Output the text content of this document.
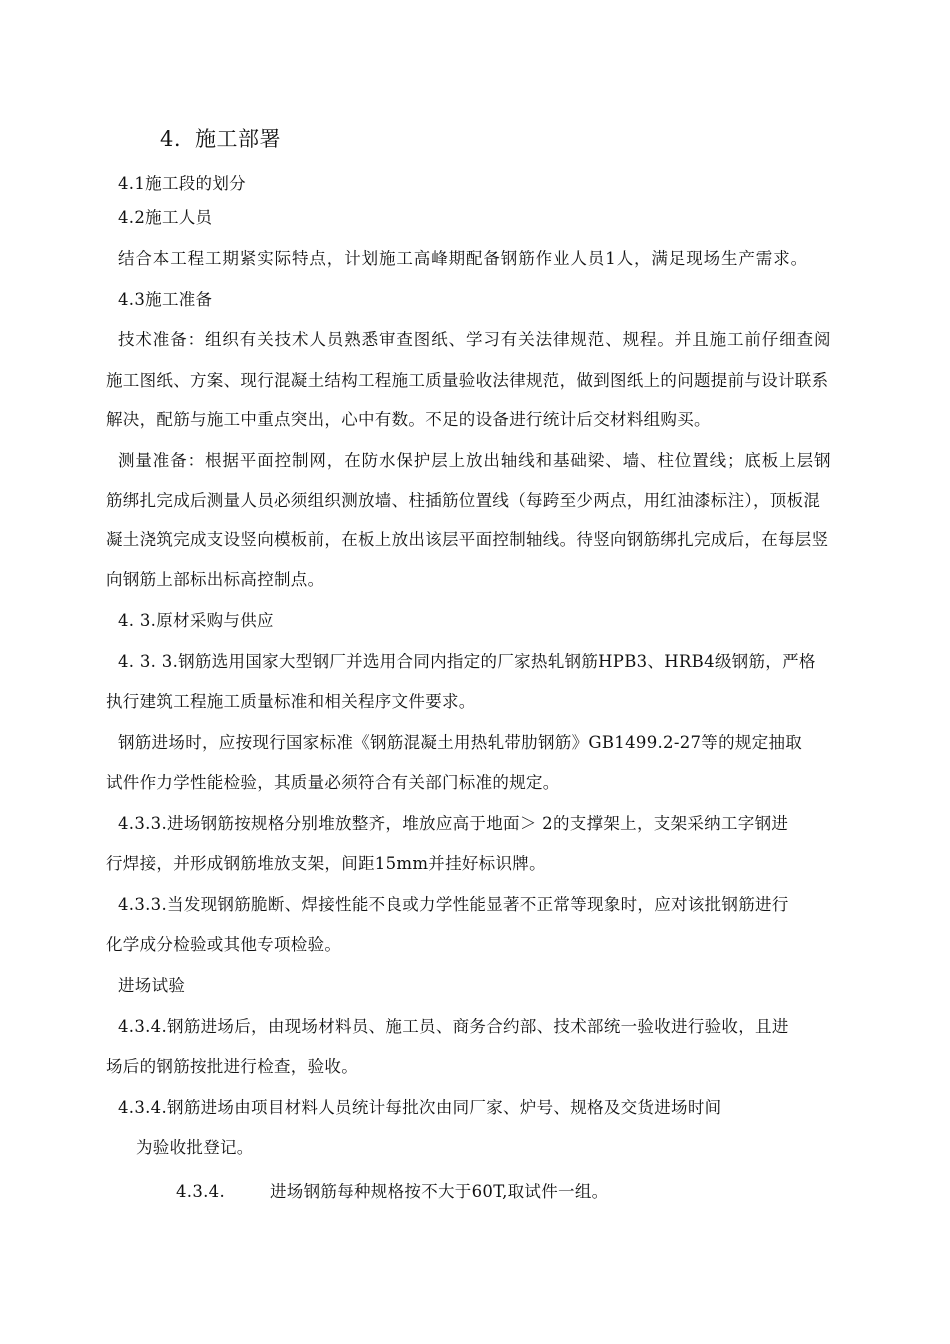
4. 施工部署
4.1施工段的划分
4.2施工人员
结合本工程工期紧实际特点，计划施工高峰期配备钢筋作业人员1人，满足现场生产需求。
4.3施工准备
技术准备：组织有关技术人员熟悉审查图纸、学习有关法律规范、规程。并且施工前仔细查阅
施工图纸、方案、现行混凝土结构工程施工质量验收法律规范，做到图纸上的问题提前与设计联系
解决，配筋与施工中重点突出，心中有数。不足的设备进行统计后交材料组购买。
测量准备：根据平面控制网，在防水保护层上放出轴线和基础梁、墙、柱位置线；底板上层钢
筋绑扎完成后测量人员必须组织测放墙、柱插筋位置线（每跨至少两点，用红油漆标注），顶板混
凝土浇筑完成支设竖向模板前，在板上放出该层平面控制轴线。待竖向钢筋绑扎完成后，在每层竖
向钢筋上部标出标高控制点。
4. 3.原材采购与供应
4. 3. 3.钢筋选用国家大型钢厂并选用合同内指定的厂家热轧钢筋HPB3、HRB4级钢筋，严格
执行建筑工程施工质量标准和相关程序文件要求。
钢筋进场时，应按现行国家标准《钢筋混凝土用热轧带肋钢筋》GB1499.2-27等的规定抽取
试件作力学性能检验，其质量必须符合有关部门标准的规定。
4.3.3.进场钢筋按规格分别堆放整齐，堆放应高于地面＞ 2的支撑架上，支架采纳工字钢进
行焊接，并形成钢筋堆放支架，间距15mm并挂好标识牌。
4.3.3.当发现钢筋脆断、焊接性能不良或力学性能显著不正常等现象时，应对该批钢筋进行
化学成分检验或其他专项检验。
进场试验
4.3.4.钢筋进场后，由现场材料员、施工员、商务合约部、技术部统一验收进行验收，且进
场后的钢筋按批进行检查，验收。
4.3.4.钢筋进场由项目材料人员统计每批次由同厂家、炉号、规格及交货进场时间
为验收批登记。
4.3.4.	进场钢筋每种规格按不大于60T,取试件一组。
